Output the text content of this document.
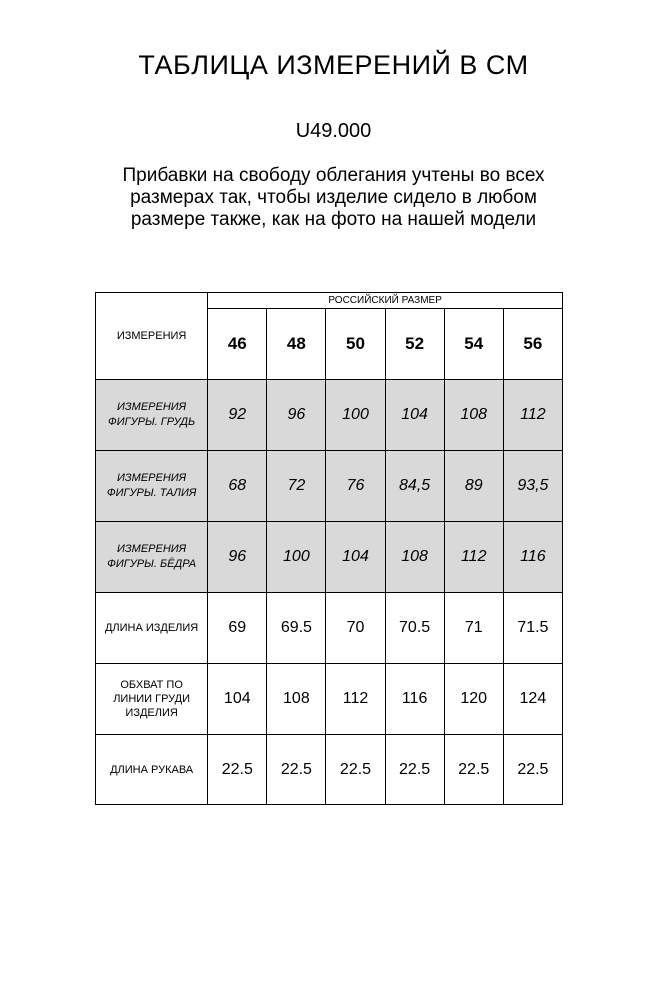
ТАБЛИЦА ИЗМЕРЕНИЙ В СМ
U49.000
Прибавки на свободу облегания учтены во всех
размерах так, чтобы изделие сидело в любом
размере также, как на фото на нашей модели
ИЗМЕРЕНИЯ	РОССИЙСКИЙ РАЗМЕР					
	46	48	50	52	54	56

ИЗМЕРЕНИЯ
ФИГУРЫ. ГРУДЬ	92	96	100	104	108	112

ИЗМЕРЕНИЯ
ФИГУРЫ. ТАЛИЯ	68	72	76	84,5	89	93,5

ИЗМЕРЕНИЯ
ФИГУРЫ. БЁДРА	96	100	104	108	112	116

ДЛИНА ИЗДЕЛИЯ	69	69.5	70	70.5	71	71.5

ОБХВАТ ПО
ЛИНИИ ГРУДИ
ИЗДЕЛИЯ	104	108	112	116	120	124

ДЛИНА РУКАВА	22.5	22.5	22.5	22.5	22.5	22.5
